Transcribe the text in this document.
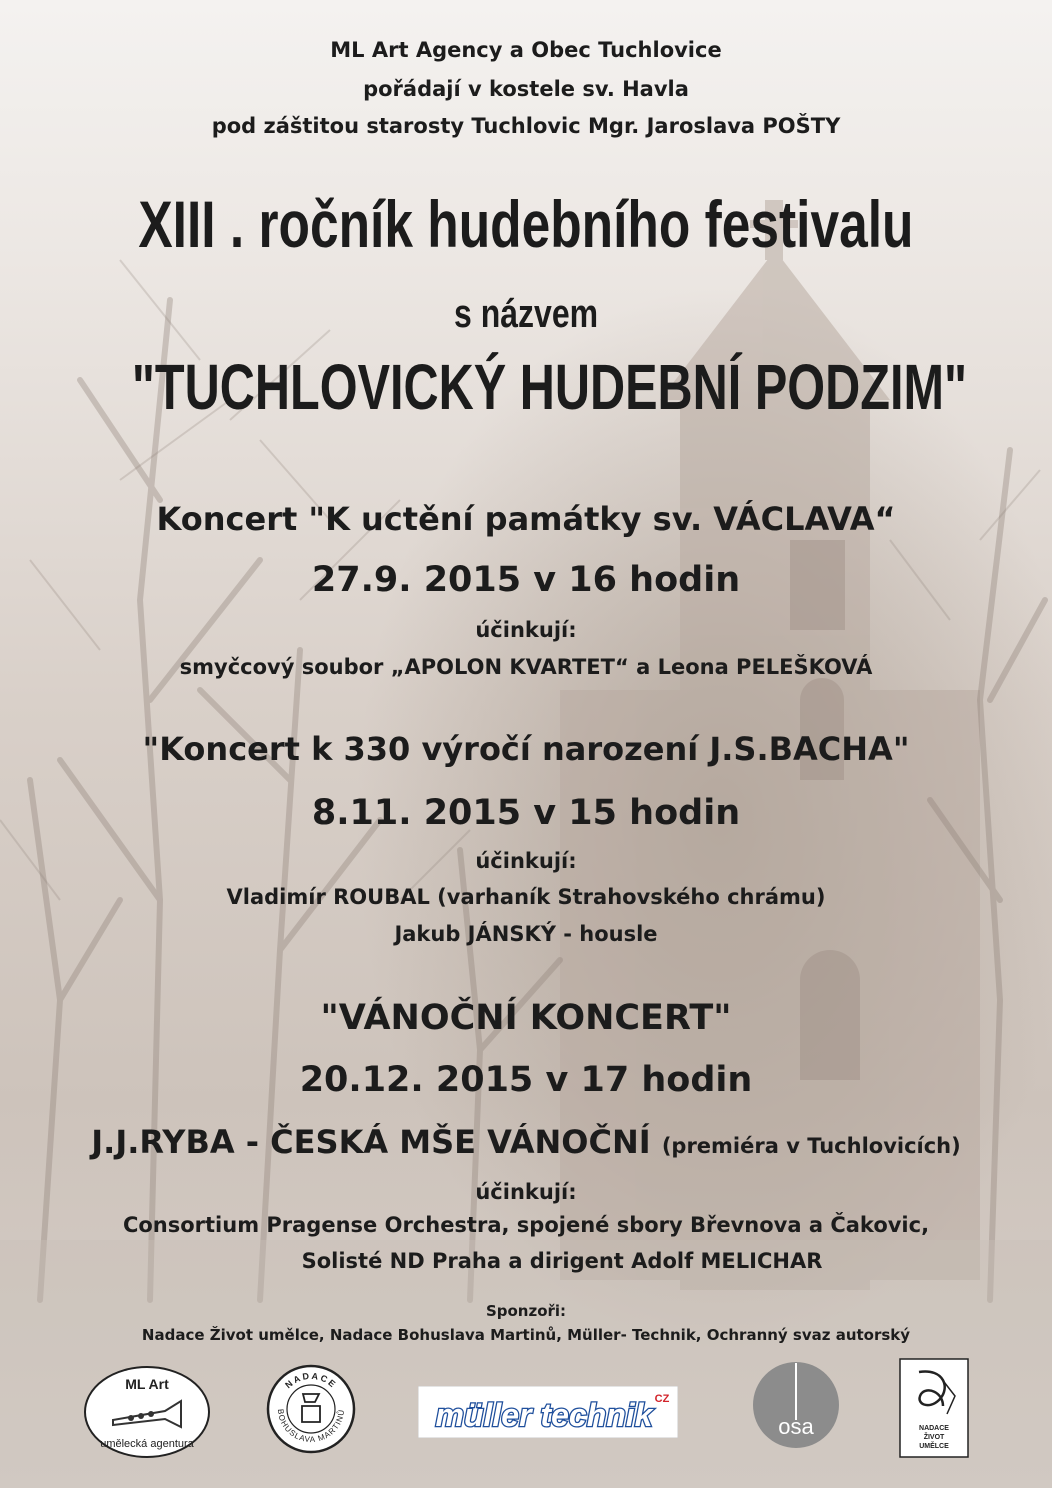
ML Art Agency a Obec Tuchlovice
pořádají v kostele sv. Havla
pod záštitou starosty Tuchlovic Mgr. Jaroslava POŠTY
XIII . ročník hudebního festivalu
s názvem
"TUCHLOVICKÝ HUDEBNÍ PODZIM"
Koncert "K uctění památky sv. VÁCLAVA“
27.9. 2015 v 16 hodin
účinkují:
smyčcový soubor „APOLON KVARTET“ a Leona PELEŠKOVÁ
"Koncert k 330 výročí narození J.S.BACHA"
8.11. 2015 v 15 hodin
účinkují:
Vladimír ROUBAL (varhaník Strahovského chrámu)
Jakub JÁNSKÝ - housle
"VÁNOČNÍ KONCERT"
20.12. 2015 v 17 hodin
J.J.RYBA - ČESKÁ MŠE VÁNOČNÍ (premiéra v Tuchlovicích)
účinkují:
Consortium Pragense Orchestra, spojené sbory Břevnova a Čakovic,
Solisté ND Praha a dirigent Adolf MELICHAR
Sponzoři:
Nadace Život umělce, Nadace Bohuslava Martinů, Müller- Technik, Ochranný svaz autorský
ML Art
umělecká agentura
NADACE
BOHUSLAVA MARTINŮ	müller technik CZ
osa	NADACE
ŽIVOT
UMĚLCE
